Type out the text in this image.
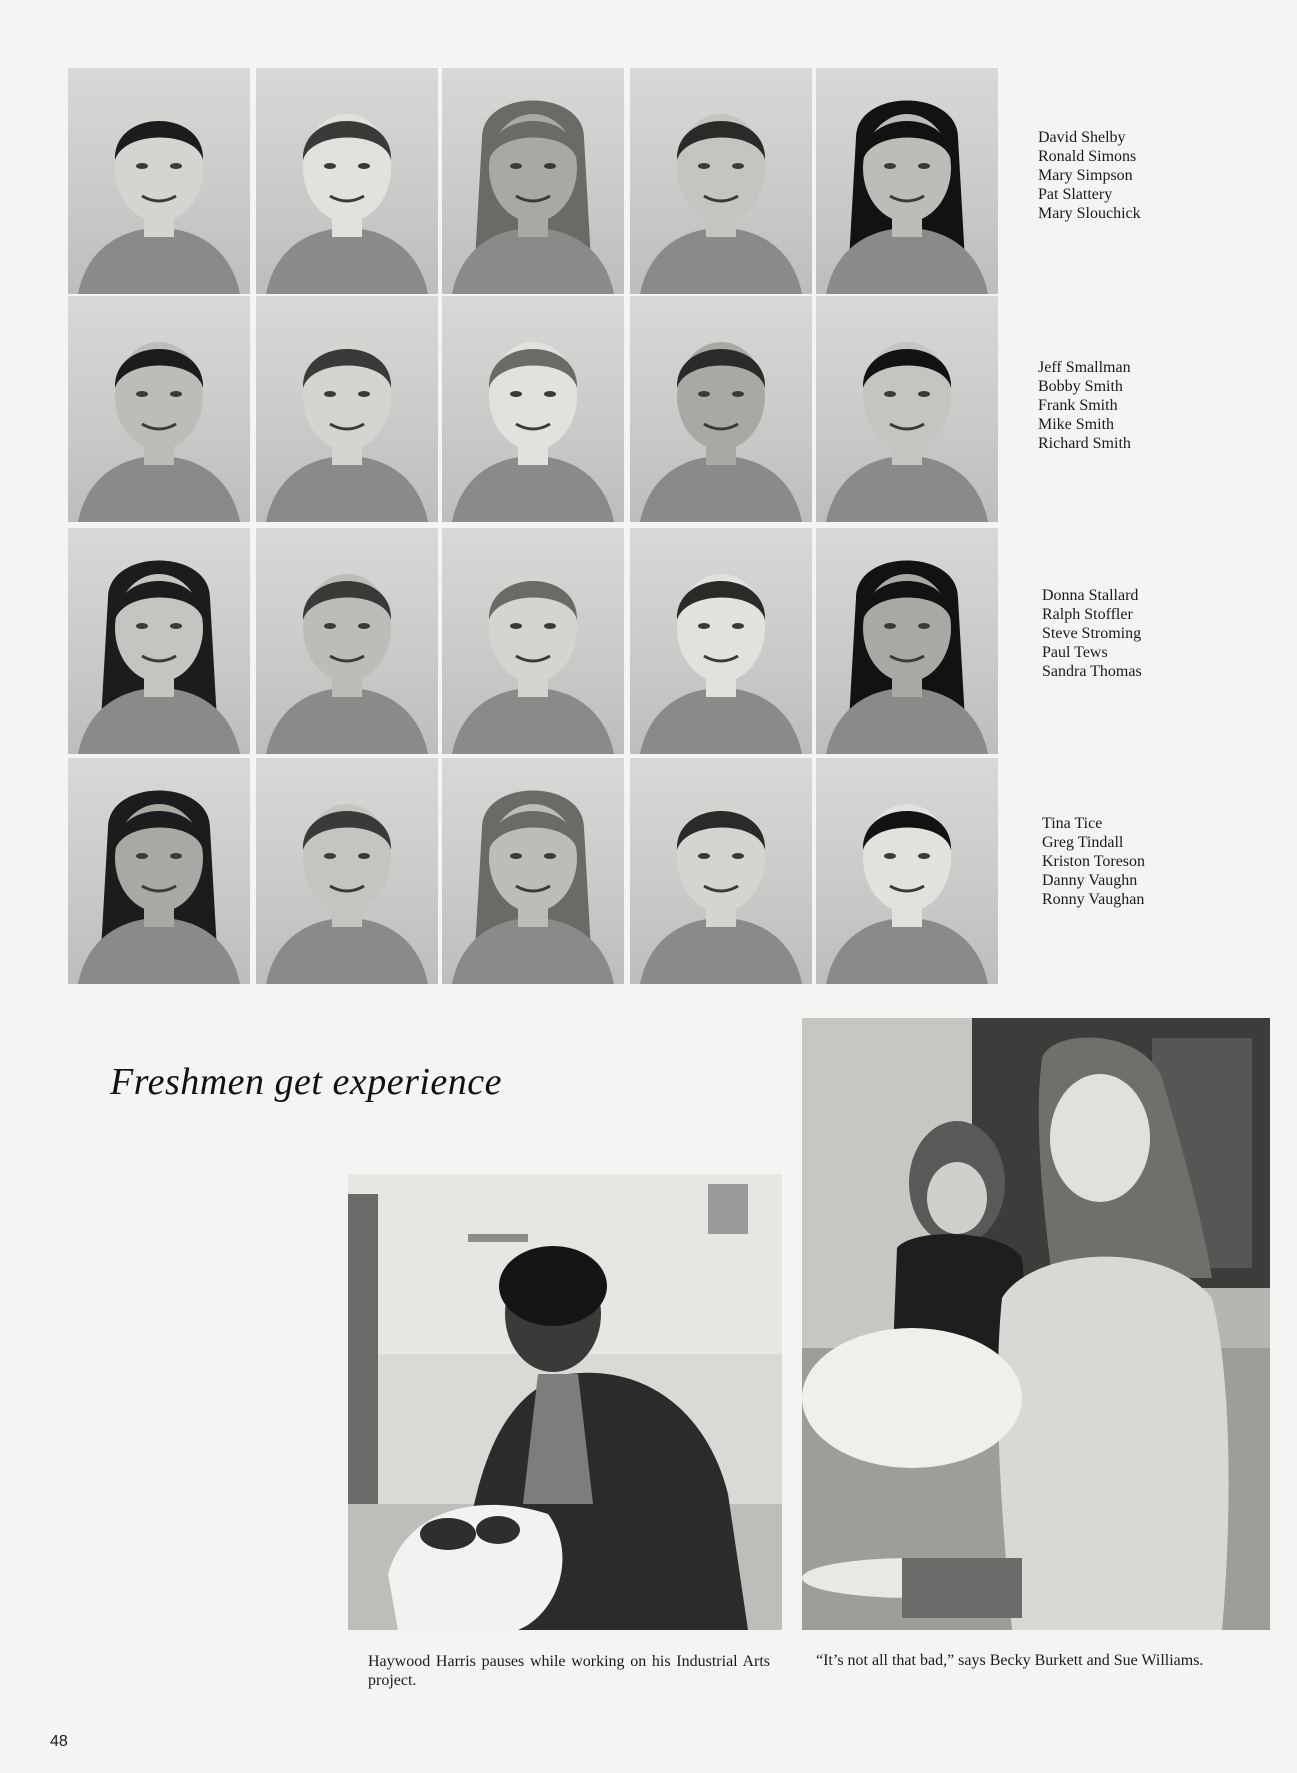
David Shelby
Ronald Simons
Mary Simpson
Pat Slattery
Mary Slouchick
Jeff Smallman
Bobby Smith
Frank Smith
Mike Smith
Richard Smith
Donna Stallard
Ralph Stoffler
Steve Stroming
Paul Tews
Sandra Thomas
Tina Tice
Greg Tindall
Kriston Toreson
Danny Vaughn
Ronny Vaughan
Freshmen get experience
Haywood Harris pauses while working on his Industrial Arts project.
“It’s not all that bad,” says Becky Burkett and Sue Williams.
48
